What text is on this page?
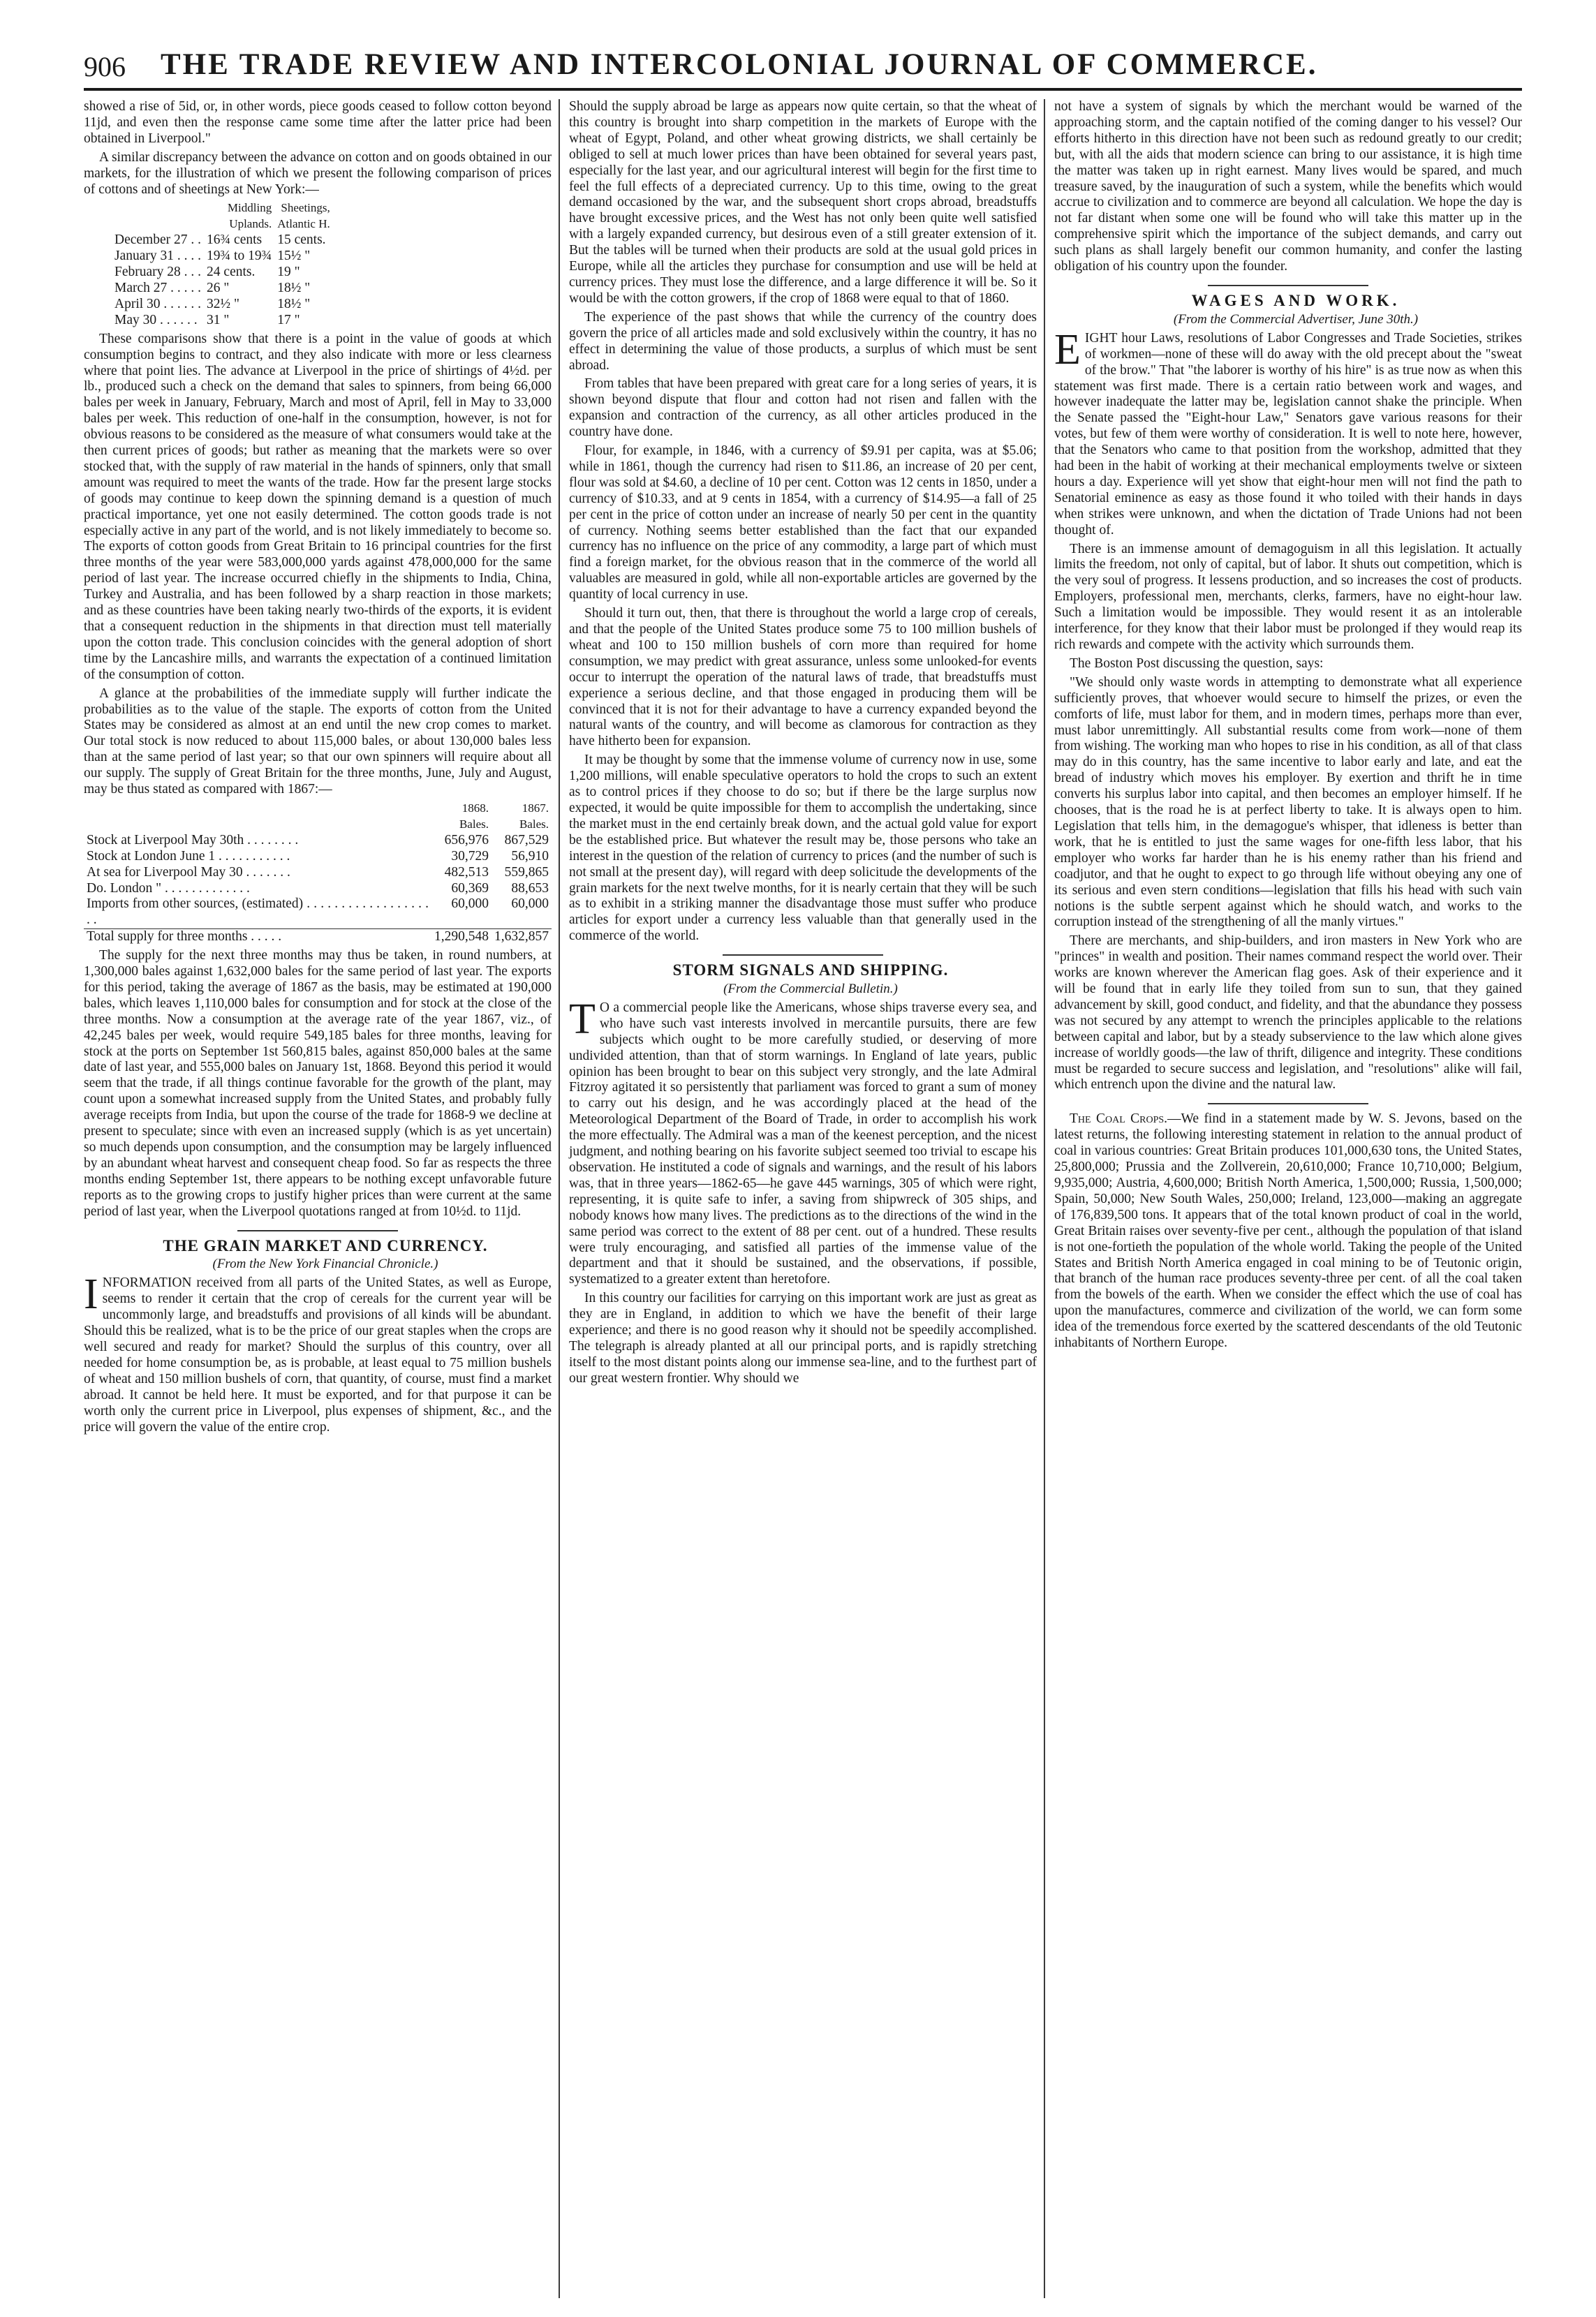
906 THE TRADE REVIEW AND INTERCOLONIAL JOURNAL OF COMMERCE.

showed a rise of 5id, or, in other words, piece goods ceased to follow cotton beyond 11jd, and even then the response came some time after the latter price had been obtained in Liverpool."

A similar discrepancy between the advance on cotton and on goods obtained in our markets, for the illustration of which we present the following comparison of prices of cottons and of sheetings at New York:—

	Middling	Sheetings,
	Uplands.	Atlantic H.
December 27 . .	16¾ cents	15 cents.
January 31 . . . .	19¾ to 19¾	15½ "
February 28 . . .	24 cents.	19 "
March 27 . . . . .	26 "	18½ "
April 30 . . . . . .	32½ "	18½ "
May 30 . . . . . .	31 "	17 "

These comparisons show that there is a point in the value of goods at which consumption begins to contract, and they also indicate with more or less clearness where that point lies. The advance at Liverpool in the price of shirtings of 4½d. per lb., produced such a check on the demand that sales to spinners, from being 66,000 bales per week in January, February, March and most of April, fell in May to 33,000 bales per week. This reduction of one-half in the consumption, however, is not for obvious reasons to be considered as the measure of what consumers would take at the then current prices of goods; but rather as meaning that the markets were so over stocked that, with the supply of raw material in the hands of spinners, only that small amount was required to meet the wants of the trade. How far the present large stocks of goods may continue to keep down the spinning demand is a question of much practical importance, yet one not easily determined. The cotton goods trade is not especially active in any part of the world, and is not likely immediately to become so. The exports of cotton goods from Great Britain to 16 principal countries for the first three months of the year were 583,000,000 yards against 478,000,000 for the same period of last year. The increase occurred chiefly in the shipments to India, China, Turkey and Australia, and has been followed by a sharp reaction in those markets; and as these countries have been taking nearly two-thirds of the exports, it is evident that a consequent reduction in the shipments in that direction must tell materially upon the cotton trade. This conclusion coincides with the general adoption of short time by the Lancashire mills, and warrants the expectation of a continued limitation of the consumption of cotton.

A glance at the probabilities of the immediate supply will further indicate the probabilities as to the value of the staple. The exports of cotton from the United States may be considered as almost at an end until the new crop comes to market. Our total stock is now reduced to about 115,000 bales, or about 130,000 bales less than at the same period of last year; so that our own spinners will require about all our supply. The supply of Great Britain for the three months, June, July and August, may be thus stated as compared with 1867:—

	1868.	1867.
	Bales.	Bales.
Stock at Liverpool May 30th . . . . . . . .	656,976	867,529
Stock at London June 1 . . . . . . . . . . .	30,729	56,910
At sea for Liverpool May 30 . . . . . . .	482,513	559,865
Do. London " . . . . . . . . . . . . .	60,369	88,653
Imports from other sources, (estimated) . . . . . . . . . . . . . . . . . . . .	60,000	60,000
Total supply for three months . . . . .	1,290,548	1,632,857

The supply for the next three months may thus be taken, in round numbers, at 1,300,000 bales against 1,632,000 bales for the same period of last year. The exports for this period, taking the average of 1867 as the basis, may be estimated at 190,000 bales, which leaves 1,110,000 bales for consumption and for stock at the close of the three months. Now a consumption at the average rate of the year 1867, viz., of 42,245 bales per week, would require 549,185 bales for three months, leaving for stock at the ports on September 1st 560,815 bales, against 850,000 bales at the same date of last year, and 555,000 bales on January 1st, 1868. Beyond this period it would seem that the trade, if all things continue favorable for the growth of the plant, may count upon a somewhat increased supply from the United States, and probably fully average receipts from India, but upon the course of the trade for 1868-9 we decline at present to speculate; since with even an increased supply (which is as yet uncertain) so much depends upon consumption, and the consumption may be largely influenced by an abundant wheat harvest and consequent cheap food. So far as respects the three months ending September 1st, there appears to be nothing except unfavorable future reports as to the growing crops to justify higher prices than were current at the same period of last year, when the Liverpool quotations ranged at from 10½d. to 11jd.

THE GRAIN MARKET AND CURRENCY.

(From the New York Financial Chronicle.)

INFORMATION received from all parts of the United States, as well as Europe, seems to render it certain that the crop of cereals for the current year will be uncommonly large, and breadstuffs and provisions of all kinds will be abundant. Should this be realized, what is to be the price of our great staples when the crops are well secured and ready for market? Should the surplus of this country, over all needed for home consumption be, as is probable, at least equal to 75 million bushels of wheat and 150 million bushels of corn, that quantity, of course, must find a market abroad. It cannot be held here. It must be exported, and for that purpose it can be worth only the current price in Liverpool, plus expenses of shipment, &c., and the price will govern the value of the entire crop.

Should the supply abroad be large as appears now quite certain, so that the wheat of this country is brought into sharp competition in the markets of Europe with the wheat of Egypt, Poland, and other wheat growing districts, we shall certainly be obliged to sell at much lower prices than have been obtained for several years past, especially for the last year, and our agricultural interest will begin for the first time to feel the full effects of a depreciated currency. Up to this time, owing to the great demand occasioned by the war, and the subsequent short crops abroad, breadstuffs have brought excessive prices, and the West has not only been quite well satisfied with a largely expanded currency, but desirous even of a still greater extension of it. But the tables will be turned when their products are sold at the usual gold prices in Europe, while all the articles they purchase for consumption and use will be held at currency prices. They must lose the difference, and a large difference it will be. So it would be with the cotton growers, if the crop of 1868 were equal to that of 1860.

The experience of the past shows that while the currency of the country does govern the price of all articles made and sold exclusively within the country, it has no effect in determining the value of those products, a surplus of which must be sent abroad.

From tables that have been prepared with great care for a long series of years, it is shown beyond dispute that flour and cotton had not risen and fallen with the expansion and contraction of the currency, as all other articles produced in the country have done.

Flour, for example, in 1846, with a currency of $9.91 per capita, was at $5.06; while in 1861, though the currency had risen to $11.86, an increase of 20 per cent, flour was sold at $4.60, a decline of 10 per cent. Cotton was 12 cents in 1850, under a currency of $10.33, and at 9 cents in 1854, with a currency of $14.95—a fall of 25 per cent in the price of cotton under an increase of nearly 50 per cent in the quantity of currency. Nothing seems better established than the fact that our expanded currency has no influence on the price of any commodity, a large part of which must find a foreign market, for the obvious reason that in the commerce of the world all valuables are measured in gold, while all non-exportable articles are governed by the quantity of local currency in use.

Should it turn out, then, that there is throughout the world a large crop of cereals, and that the people of the United States produce some 75 to 100 million bushels of wheat and 100 to 150 million bushels of corn more than required for home consumption, we may predict with great assurance, unless some unlooked-for events occur to interrupt the operation of the natural laws of trade, that breadstuffs must experience a serious decline, and that those engaged in producing them will be convinced that it is not for their advantage to have a currency expanded beyond the natural wants of the country, and will become as clamorous for contraction as they have hitherto been for expansion.

It may be thought by some that the immense volume of currency now in use, some 1,200 millions, will enable speculative operators to hold the crops to such an extent as to control prices if they choose to do so; but if there be the large surplus now expected, it would be quite impossible for them to accomplish the undertaking, since the market must in the end certainly break down, and the actual gold value for export be the established price. But whatever the result may be, those persons who take an interest in the question of the relation of currency to prices (and the number of such is not small at the present day), will regard with deep solicitude the developments of the grain markets for the next twelve months, for it is nearly certain that they will be such as to exhibit in a striking manner the disadvantage those must suffer who produce articles for export under a currency less valuable than that generally used in the commerce of the world.

STORM SIGNALS AND SHIPPING.

(From the Commercial Bulletin.)

T O a commercial people like the Americans, whose ships traverse every sea, and who have such vast interests involved in mercantile pursuits, there are few subjects which ought to be more carefully studied, or deserving of more undivided attention, than that of storm warnings. In England of late years, public opinion has been brought to bear on this subject very strongly, and the late Admiral Fitzroy agitated it so persistently that parliament was forced to grant a sum of money to carry out his design, and he was accordingly placed at the head of the Meteorological Department of the Board of Trade, in order to accomplish his work the more effectually. The Admiral was a man of the keenest perception, and the nicest judgment, and nothing bearing on his favorite subject seemed too trivial to escape his observation. He instituted a code of signals and warnings, and the result of his labors was, that in three years—1862-65—he gave 445 warnings, 305 of which were right, representing, it is quite safe to infer, a saving from shipwreck of 305 ships, and nobody knows how many lives. The predictions as to the directions of the wind in the same period was correct to the extent of 88 per cent. out of a hundred. These results were truly encouraging, and satisfied all parties of the immense value of the department and that it should be sustained, and the observations, if possible, systematized to a greater extent than heretofore.

In this country our facilities for carrying on this important work are just as great as they are in England, in addition to which we have the benefit of their large experience; and there is no good reason why it should not be speedily accomplished. The telegraph is already planted at all our principal ports, and is rapidly stretching itself to the most distant points along our immense sea-line, and to the furthest part of our great western frontier. Why should we

not have a system of signals by which the merchant would be warned of the approaching storm, and the captain notified of the coming danger to his vessel? Our efforts hitherto in this direction have not been such as redound greatly to our credit; but, with all the aids that modern science can bring to our assistance, it is high time the matter was taken up in right earnest. Many lives would be spared, and much treasure saved, by the inauguration of such a system, while the benefits which would accrue to civilization and to commerce are beyond all calculation. We hope the day is not far distant when some one will be found who will take this matter up in the comprehensive spirit which the importance of the subject demands, and carry out such plans as shall largely benefit our common humanity, and confer the lasting obligation of his country upon the founder.

WAGES AND WORK.

(From the Commercial Advertiser, June 30th.)

EIGHT hour Laws, resolutions of Labor Congresses and Trade Societies, strikes of workmen—none of these will do away with the old precept about the "sweat of the brow." That "the laborer is worthy of his hire" is as true now as when this statement was first made. There is a certain ratio between work and wages, and however inadequate the latter may be, legislation cannot shake the principle. When the Senate passed the "Eight-hour Law," Senators gave various reasons for their votes, but few of them were worthy of consideration. It is well to note here, however, that the Senators who came to that position from the workshop, admitted that they had been in the habit of working at their mechanical employments twelve or sixteen hours a day. Experience will yet show that eight-hour men will not find the path to Senatorial eminence as easy as those found it who toiled with their hands in days when strikes were unknown, and when the dictation of Trade Unions had not been thought of.

There is an immense amount of demagoguism in all this legislation. It actually limits the freedom, not only of capital, but of labor. It shuts out competition, which is the very soul of progress. It lessens production, and so increases the cost of products. Employers, professional men, merchants, clerks, farmers, have no eight-hour law. Such a limitation would be impossible. They would resent it as an intolerable interference, for they know that their labor must be prolonged if they would reap its rich rewards and compete with the activity which surrounds them.

The Boston Post discussing the question, says:

"We should only waste words in attempting to demonstrate what all experience sufficiently proves, that whoever would secure to himself the prizes, or even the comforts of life, must labor for them, and in modern times, perhaps more than ever, must labor unremittingly. All substantial results come from work—none of them from wishing. The working man who hopes to rise in his condition, as all of that class may do in this country, has the same incentive to labor early and late, and eat the bread of industry which moves his employer. By exertion and thrift he in time converts his surplus labor into capital, and then becomes an employer himself. If he chooses, that is the road he is at perfect liberty to take. It is always open to him. Legislation that tells him, in the demagogue's whisper, that idleness is better than work, that he is entitled to just the same wages for one-fifth less labor, that his employer who works far harder than he is his enemy rather than his friend and coadjutor, and that he ought to expect to go through life without obeying any one of its serious and even stern conditions—legislation that fills his head with such vain notions is the subtle serpent against which he should watch, and works to the corruption instead of the strengthening of all the manly virtues."

There are merchants, and ship-builders, and iron masters in New York who are "princes" in wealth and position. Their names command respect the world over. Their works are known wherever the American flag goes. Ask of their experience and it will be found that in early life they toiled from sun to sun, that they gained advancement by skill, good conduct, and fidelity, and that the abundance they possess was not secured by any attempt to wrench the principles applicable to the relations between capital and labor, but by a steady subservience to the law which alone gives increase of worldly goods—the law of thrift, diligence and integrity. These conditions must be regarded to secure success and legislation, and "resolutions" alike will fail, which entrench upon the divine and the natural law.

The Coal Crops.—We find in a statement made by W. S. Jevons, based on the latest returns, the following interesting statement in relation to the annual product of coal in various countries: Great Britain produces 101,000,630 tons, the United States, 25,800,000; Prussia and the Zollverein, 20,610,000; France 10,710,000; Belgium, 9,935,000; Austria, 4,600,000; British North America, 1,500,000; Russia, 1,500,000; Spain, 50,000; New South Wales, 250,000; Ireland, 123,000—making an aggregate of 176,839,500 tons. It appears that of the total known product of coal in the world, Great Britain raises over seventy-five per cent., although the population of that island is not one-fortieth the population of the whole world. Taking the people of the United States and British North America engaged in coal mining to be of Teutonic origin, that branch of the human race produces seventy-three per cent. of all the coal taken from the bowels of the earth. When we consider the effect which the use of coal has upon the manufactures, commerce and civilization of the world, we can form some idea of the tremendous force exerted by the scattered descendants of the old Teutonic inhabitants of Northern Europe.
